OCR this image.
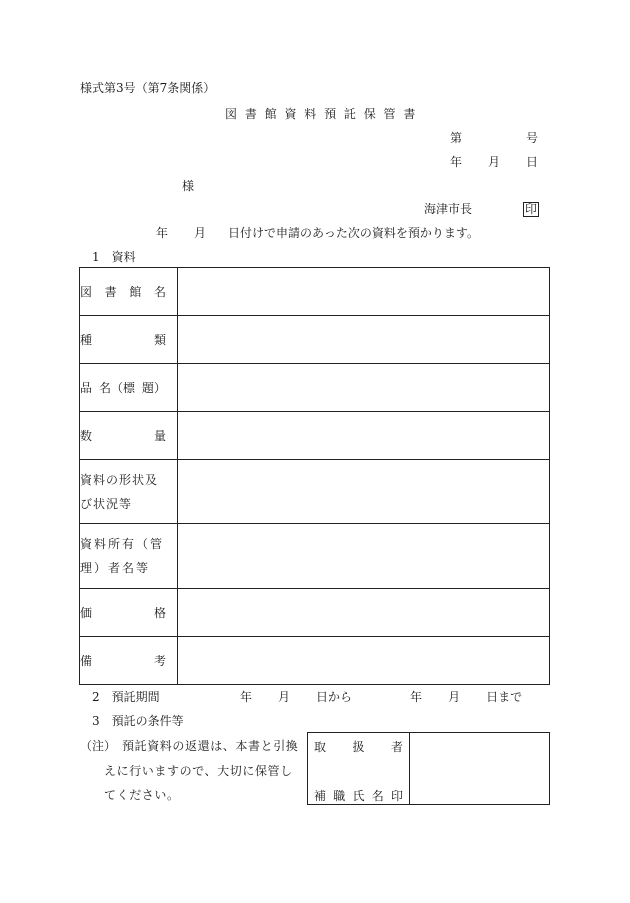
様式第3号（第7条関係）
図 書 館 資 料 預 託 保 管 書
第	号
年 月 日
様
海津市長	印
年 月 日付けで申請のあった次の資料を預かります。
1　資料
図 書 館 名	

種 類	

品 名（標 題）	

数 量	

資料の形状及び状況等	

資料所有（管理）者名等	

価 格	

備 考	

2　預託期間	年 月 日から	年 月 日まで
3　預託の条件等
（注） 預託資料の返還は、本書と引換
えに行いますので、大切に保管し
てください。
取 扱 者
補 職 氏 名 印
